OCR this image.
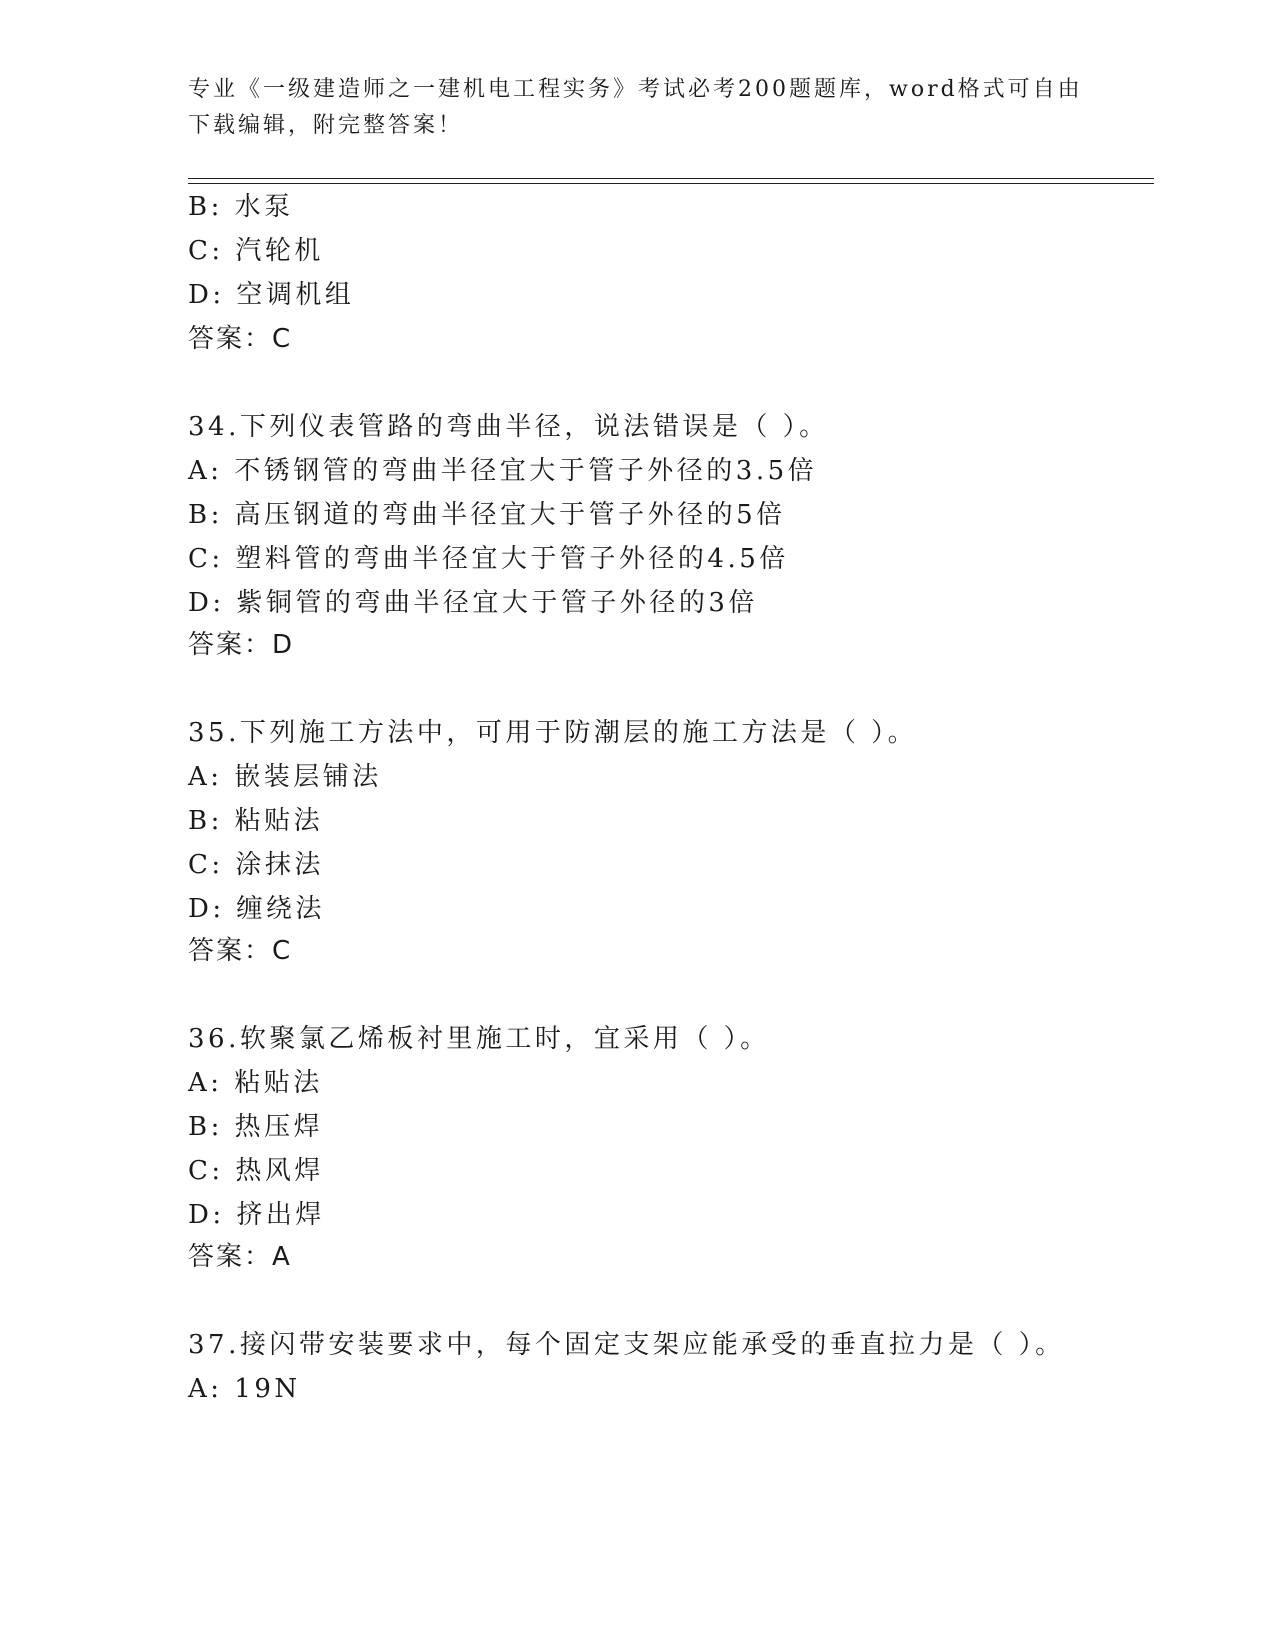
专业《一级建造师之一建机电工程实务》考试必考200题题库，word格式可自由
下载编辑，附完整答案！
B: 水泵
C: 汽轮机
D: 空调机组
答案：C
34.下列仪表管路的弯曲半径，说法错误是（ ）。
A: 不锈钢管的弯曲半径宜大于管子外径的3.5倍
B: 高压钢道的弯曲半径宜大于管子外径的5倍
C: 塑料管的弯曲半径宜大于管子外径的4.5倍
D: 紫铜管的弯曲半径宜大于管子外径的3倍
答案：D
35.下列施工方法中，可用于防潮层的施工方法是（ ）。
A: 嵌装层铺法
B: 粘贴法
C: 涂抹法
D: 缠绕法
答案：C
36.软聚氯乙烯板衬里施工时，宜采用（ ）。
A: 粘贴法
B: 热压焊
C: 热风焊
D: 挤出焊
答案：A
37.接闪带安装要求中，每个固定支架应能承受的垂直拉力是（ ）。
A: 19N
